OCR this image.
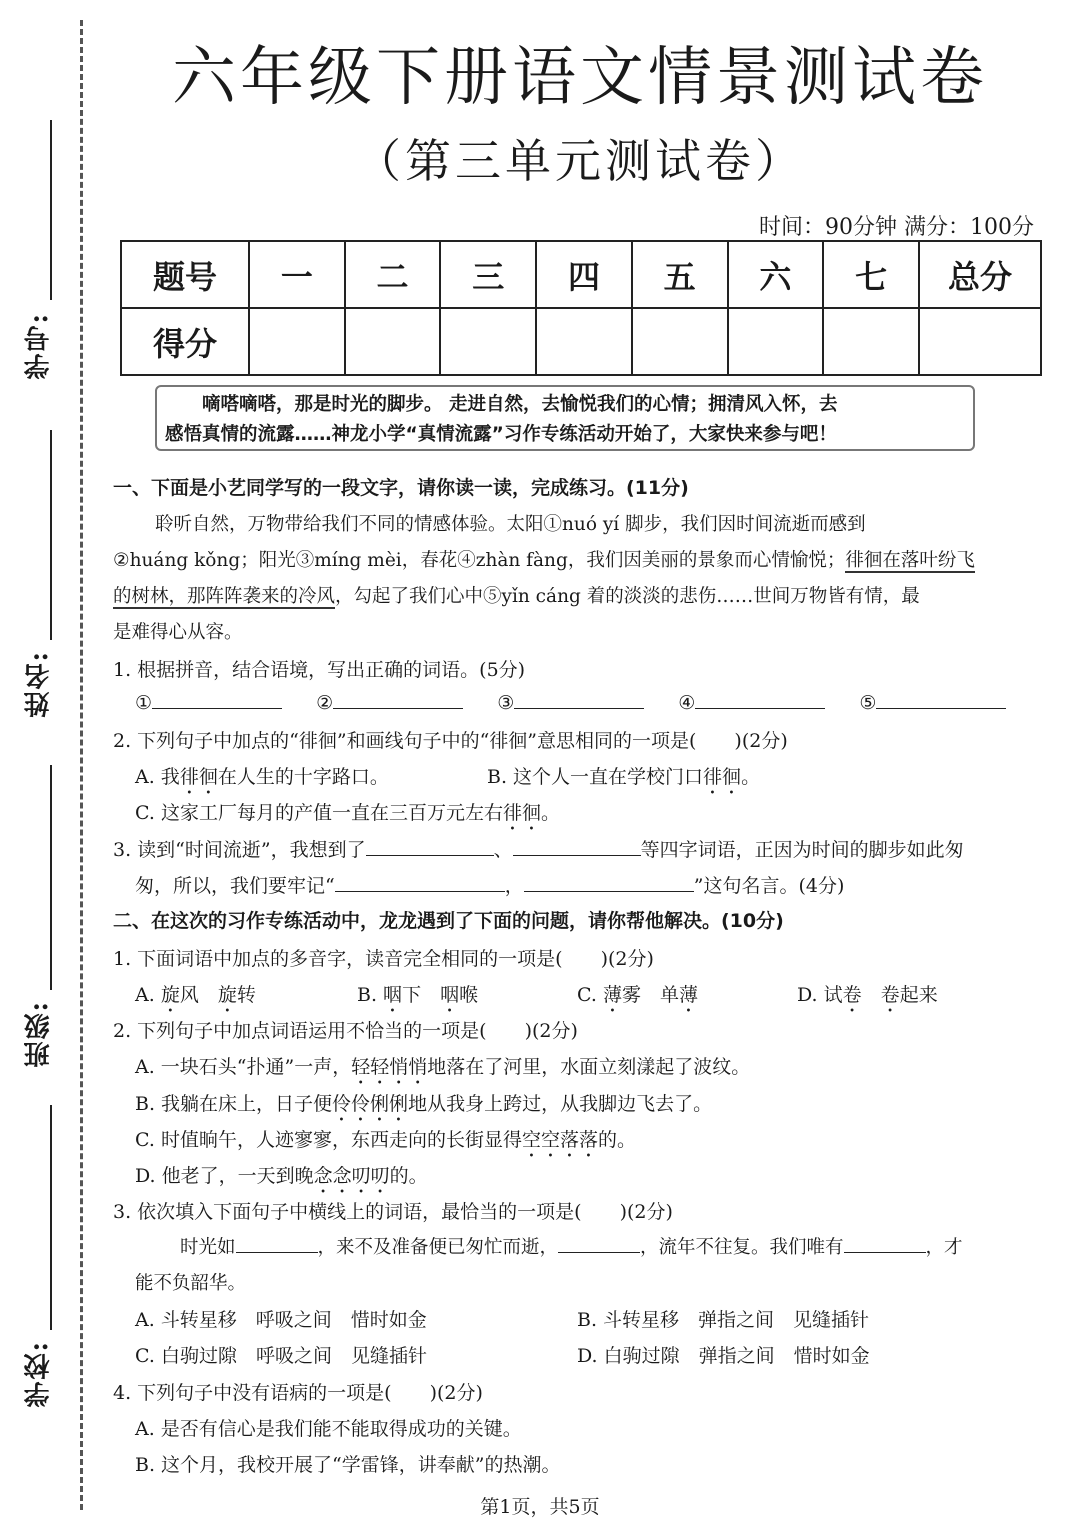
学号:
姓名:
班级:
学校:
六年级下册语文情景测试卷
（第三单元测试卷）
时间：90分钟 满分：100分
题号	一	二	三	四	五	六	七	总分
得分								
嘀嗒嘀嗒，那是时光的脚步。 走进自然，去愉悦我们的心情；拥清风入怀，去
感悟真情的流露……神龙小学“真情流露”习作专练活动开始了，大家快来参与吧！
一、下面是小艺同学写的一段文字，请你读一读，完成练习。(11分)
聆听自然，万物带给我们不同的情感体验。太阳①nuó yí 脚步，我们因时间流逝而感到
②huáng kǒng；阳光③míng mèi，春花④zhàn fàng，我们因美丽的景象而心情愉悦；徘徊在落叶纷飞
的树林，那阵阵袭来的冷风，勾起了我们心中⑤yǐn cáng 着的淡淡的悲伤……世间万物皆有情，最
是难得心从容。
1. 根据拼音，结合语境，写出正确的词语。(5分)
①	②	③	④	⑤
2. 下列句子中加点的“徘徊”和画线句子中的“徘徊”意思相同的一项是(　　)(2分)
A. 我徘徊在人生的十字路口。	B. 这个人一直在学校门口徘徊。
C. 这家工厂每月的产值一直在三百万元左右徘徊。
3. 读到“时间流逝”，我想到了	、	等四字词语，正因为时间的脚步如此匆
匆，所以，我们要牢记“	，	”这句名言。(4分)
二、在这次的习作专练活动中，龙龙遇到了下面的问题，请你帮他解决。(10分)
1. 下面词语中加点的多音字，读音完全相同的一项是(　　)(2分)
A. 旋风　旋转	B. 咽下　咽喉	C. 薄雾　单薄	D. 试卷　 卷起来
2. 下列句子中加点词语运用不恰当的一项是(　　)(2分)
A. 一块石头“扑通”一声，轻轻悄悄地落在了河里，水面立刻漾起了波纹。
B. 我躺在床上，日子便伶伶俐俐地从我身上跨过，从我脚边飞去了。
C. 时值晌午，人迹寥寥，东西走向的长街显得空空落落的。
D. 他老了，一天到晚念念叨叨的。
3. 依次填入下面句子中横线上的词语，最恰当的一项是(　　)(2分)
时光如	，来不及准备便已匆忙而逝，	，流年不往复。我们唯有	，才
能不负韶华。
A. 斗转星移　呼吸之间　惜时如金	B. 斗转星移　弹指之间　见缝插针
C. 白驹过隙　呼吸之间　见缝插针	D. 白驹过隙　弹指之间　惜时如金
4. 下列句子中没有语病的一项是(　　)(2分)
A. 是否有信心是我们能不能取得成功的关键。
B. 这个月，我校开展了“学雷锋，讲奉献”的热潮。
第1页，共5页
